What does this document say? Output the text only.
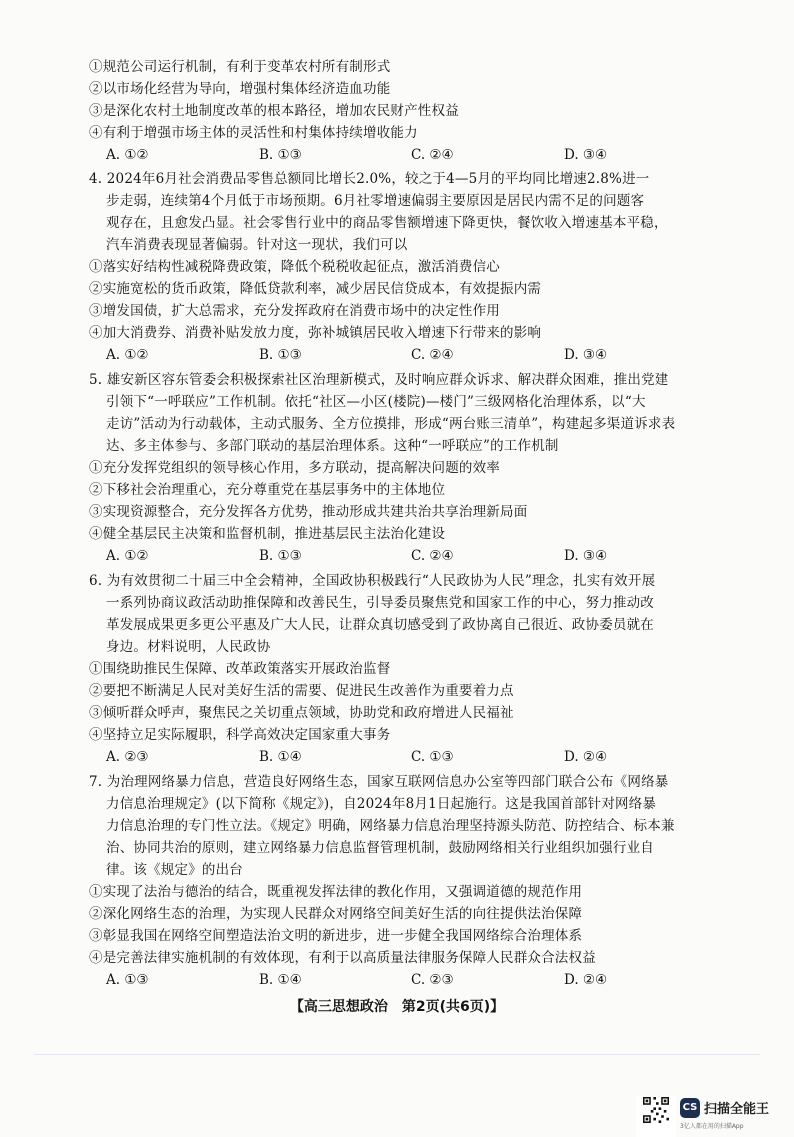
①规范公司运行机制，有利于变革农村所有制形式
②以市场化经营为导向，增强村集体经济造血功能
③是深化农村土地制度改革的根本路径，增加农民财产性权益
④有利于增强市场主体的灵活性和村集体持续增收能力
A. ①②	B. ①③	C. ②④	D. ③④
4. 2024年6月社会消费品零售总额同比增长2.0%，较之于4—5月的平均同比增速2.8%进一
步走弱，连续第4个月低于市场预期。6月社零增速偏弱主要原因是居民内需不足的问题客
观存在，且愈发凸显。社会零售行业中的商品零售额增速下降更快，餐饮收入增速基本平稳，
汽车消费表现显著偏弱。针对这一现状，我们可以
①落实好结构性减税降费政策，降低个税税收起征点，激活消费信心
②实施宽松的货币政策，降低贷款利率，减少居民信贷成本，有效提振内需
③增发国债，扩大总需求，充分发挥政府在消费市场中的决定性作用
④加大消费券、消费补贴发放力度，弥补城镇居民收入增速下行带来的影响
A. ①②	B. ①③	C. ②④	D. ③④
5. 雄安新区容东管委会积极探索社区治理新模式，及时响应群众诉求、解决群众困难，推出党建
引领下“一呼联应”工作机制。依托“社区—小区(楼院)—楼门”三级网格化治理体系，以“大
走访”活动为行动载体，主动式服务、全方位摸排，形成“两台账三清单”，构建起多渠道诉求表
达、多主体参与、多部门联动的基层治理体系。这种“一呼联应”的工作机制
①充分发挥党组织的领导核心作用，多方联动，提高解决问题的效率
②下移社会治理重心，充分尊重党在基层事务中的主体地位
③实现资源整合，充分发挥各方优势，推动形成共建共治共享治理新局面
④健全基层民主决策和监督机制，推进基层民主法治化建设
A. ①②	B. ①③	C. ②④	D. ③④
6. 为有效贯彻二十届三中全会精神，全国政协积极践行“人民政协为人民”理念，扎实有效开展
一系列协商议政活动助推保障和改善民生，引导委员聚焦党和国家工作的中心，努力推动改
革发展成果更多更公平惠及广大人民，让群众真切感受到了政协离自己很近、政协委员就在
身边。材料说明，人民政协
①围绕助推民生保障、改革政策落实开展政治监督
②要把不断满足人民对美好生活的需要、促进民生改善作为重要着力点
③倾听群众呼声，聚焦民之关切重点领域，协助党和政府增进人民福祉
④坚持立足实际履职，科学高效决定国家重大事务
A. ②③	B. ①④	C. ①③	D. ②④
7. 为治理网络暴力信息，营造良好网络生态，国家互联网信息办公室等四部门联合公布《网络暴
力信息治理规定》(以下简称《规定》)，自2024年8月1日起施行。这是我国首部针对网络暴
力信息治理的专门性立法。《规定》明确，网络暴力信息治理坚持源头防范、防控结合、标本兼
治、协同共治的原则，建立网络暴力信息监督管理机制，鼓励网络相关行业组织加强行业自
律。该《规定》的出台
①实现了法治与德治的结合，既重视发挥法律的教化作用，又强调道德的规范作用
②深化网络生态的治理，为实现人民群众对网络空间美好生活的向往提供法治保障
③彰显我国在网络空间塑造法治文明的新进步，进一步健全我国网络综合治理体系
④是完善法律实施机制的有效体现，有利于以高质量法律服务保障人民群众合法权益
A. ①③	B. ①④	C. ②③	D. ②④
【高三思想政治　第2页(共6页)】
CS 扫描全能王
3亿人都在用的扫描App
